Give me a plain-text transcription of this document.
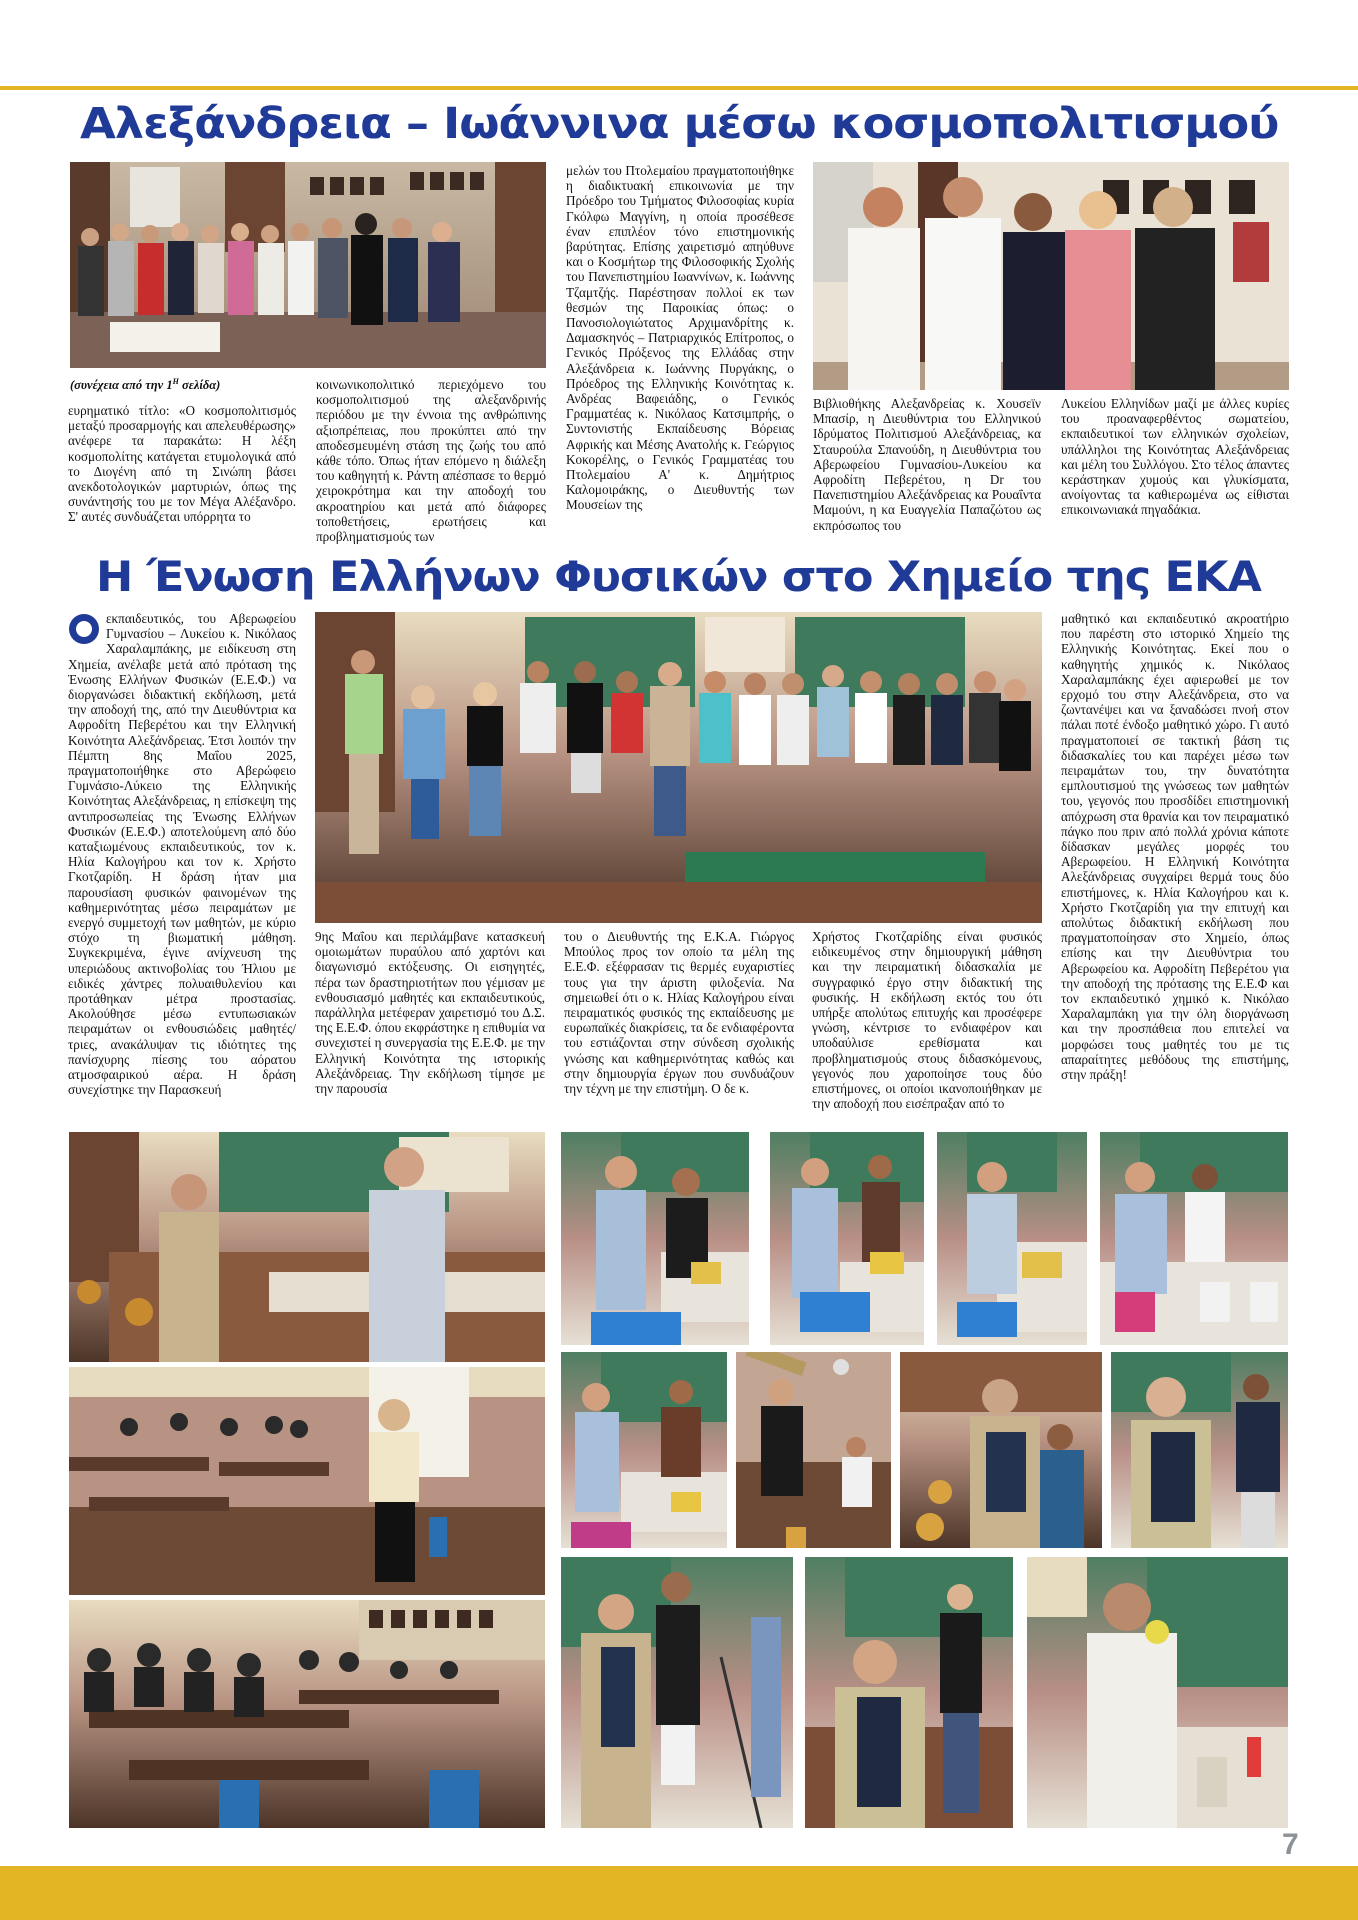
Αλεξάνδρεια – Ιωάννινα μέσω κοσμοπολιτισμού
(συνέχεια από την $1^H$ σελίδα)

ευρηματικό τίτλο: «Ο κοσμοπολιτισμός μεταξύ προσαρμογής και απελευθέρωσης» ανέφερε τα παρακάτω: Η λέξη κοσμοπολίτης κατάγεται ετυμολογικά από το Διογένη από τη Σινώπη βάσει ανεκδοτολογικών μαρτυριών, όπως της συνάντησής του με τον Μέγα Αλέξανδρο. Σ' αυτές συνδυάζεται υπόρρητα το

κοινωνικοπολιτικό περιεχόμενο του κοσμοπολιτισμού της αλεξανδρινής περιόδου με την έννοια της ανθρώπινης αξιοπρέπειας, που προκύπτει από την αποδεσμευμένη στάση της ζωής του από κάθε τόπο. Όπως ήταν επόμενο η διάλεξη του καθηγητή κ. Ράντη απέσπασε το θερμό χειροκρότημα και την αποδοχή του ακροατηρίου και μετά από διάφορες τοποθετήσεις, ερωτήσεις και προβληματισμούς των

μελών του Πτολεμαίου πραγματοποιήθηκε η διαδικτυακή επικοινωνία με την Πρόεδρο του Τμήματος Φιλοσοφίας κυρία Γκόλφω Μαγγίνη, η οποία προσέθεσε έναν επιπλέον τόνο επιστημονικής βαρύτητας. Επίσης χαιρετισμό απηύθυνε και ο Κοσμήτωρ της Φιλοσοφικής Σχολής του Πανεπιστημίου Ιωαννίνων, κ. Ιωάννης Τζαμτζής. Παρέστησαν πολλοί εκ των θεσμών της Παροικίας όπως: ο Πανοσιολογιώτατος Αρχιμανδρίτης κ. Δαμασκηνός – Πατριαρχικός Επίτροπος, ο Γενικός Πρόξενος της Ελλάδας στην Αλεξάνδρεια κ. Ιωάννης Πυργάκης, ο Πρόεδρος της Ελληνικής Κοινότητας κ. Ανδρέας Βαφειάδης, ο Γενικός Γραμματέας κ. Νικόλαος Κατσιμπρής, ο Συντονιστής Εκπαίδευσης Βόρειας Αφρικής και Μέσης Ανατολής κ. Γεώργιος Κοκορέλης, ο Γενικός Γραμματέας του Πτολεμαίου Α' κ. Δημήτριος Καλομοιράκης, ο Διευθυντής των Μουσείων της

Βιβλιοθήκης Αλεξανδρείας κ. Χουσεϊν Μπασίρ, η Διευθύντρια του Ελληνικού Ιδρύματος Πολιτισμού Αλεξάνδρειας, κα Σταυρούλα Σπανούδη, η Διευθύντρια του Αβερωφείου Γυμνασίου-Λυκείου κα Αφροδίτη Πεβερέτου, η Dr του Πανεπιστημίου Αλεξάνδρειας κα Ρουαΐντα Μαμούνι, η κα Ευαγγελία Παπαζώτου ως εκπρόσωπος του

Λυκείου Ελληνίδων μαζί με άλλες κυρίες του προαναφερθέντος σωματείου, εκπαιδευτικοί των ελληνικών σχολείων, υπάλληλοι της Κοινότητας Αλεξάνδρειας και μέλη του Συλλόγου. Στο τέλος άπαντες κεράστηκαν χυμούς και γλυκίσματα, ανοίγοντας τα καθιερωμένα ως είθισται επικοινωνιακά πηγαδάκια.

Η Ένωση Ελλήνων Φυσικών στο Χημείο της ΕΚΑ

εκπαιδευτικός, του Αβερωφείου Γυμνασίου – Λυκείου κ. Νικόλαος Χαραλαμπάκης, με ειδίκευση στη Χημεία, ανέλαβε μετά από πρόταση της Ένωσης Ελλήνων Φυσικών (Ε.Ε.Φ.) να διοργανώσει διδακτική εκδήλωση, μετά την αποδοχή της, από την Διευθύντρια κα Αφροδίτη Πεβερέτου και την Ελληνική Κοινότητα Αλεξάνδρειας. Έτσι λοιπόν την Πέμπτη 8ης Μαΐου 2025, πραγματοποιήθηκε στο Αβερώφειο Γυμνάσιο-Λύκειο της Ελληνικής Κοινότητας Αλεξάνδρειας, η επίσκεψη της αντιπροσωπείας της Ένωσης Ελλήνων Φυσικών (Ε.Ε.Φ.) αποτελούμενη από δύο καταξιωμένους εκπαιδευτικούς, τον κ. Ηλία Καλογήρου και τον κ. Χρήστο Γκοτζαρίδη. Η δράση ήταν μια παρουσίαση φυσικών φαινομένων της καθημερινότητας μέσω πειραμάτων με ενεργό συμμετοχή των μαθητών, με κύριο στόχο τη βιωματική μάθηση. Συγκεκριμένα, έγινε ανίχνευση της υπεριώδους ακτινοβολίας του Ήλιου με ειδικές χάντρες πολυαιθυλενίου και προτάθηκαν μέτρα προστασίας. Ακολούθησε μέσω εντυπωσιακών πειραμάτων οι ενθουσιώδεις μαθητές/τριες, ανακάλυψαν τις ιδιότητες της πανίσχυρης πίεσης του αόρατου ατμοσφαιρικού αέρα. Η δράση συνεχίστηκε την Παρασκευή

9ης Μαΐου και περιλάμβανε κατασκευή ομοιωμάτων πυραύλου από χαρτόνι και διαγωνισμό εκτόξευσης. Οι εισηγητές, πέρα των δραστηριοτήτων που γέμισαν με ενθουσιασμό μαθητές και εκπαιδευτικούς, παράλληλα μετέφεραν χαιρετισμό του Δ.Σ. της Ε.Ε.Φ. όπου εκφράστηκε η επιθυμία να συνεχιστεί η συνεργασία της Ε.Ε.Φ. με την Ελληνική Κοινότητα της ιστορικής Αλεξάνδρειας. Την εκδήλωση τίμησε με την παρουσία

του ο Διευθυντής της Ε.Κ.Α. Γιώργος Μπούλος προς τον οποίο τα μέλη της Ε.Ε.Φ. εξέφρασαν τις θερμές ευχαριστίες τους για την άριστη φιλοξενία. Να σημειωθεί ότι ο κ. Ηλίας Καλογήρου είναι πειραματικός φυσικός της εκπαίδευσης με ευρωπαϊκές διακρίσεις, τα δε ενδιαφέροντα του εστιάζονται στην σύνδεση σχολικής γνώσης και καθημερινότητας καθώς και στην δημιουργία έργων που συνδυάζουν την τέχνη με την επιστήμη. Ο δε κ.

Χρήστος Γκοτζαρίδης είναι φυσικός ειδικευμένος στην δημιουργική μάθηση και την πειραματική διδασκαλία με συγγραφικό έργο στην διδακτική της φυσικής. Η εκδήλωση εκτός του ότι υπήρξε απολύτως επιτυχής και προσέφερε γνώση, κέντρισε το ενδιαφέρον και υποδαύλισε ερεθίσματα και προβληματισμούς στους διδασκόμενους, γεγονός που χαροποίησε τους δύο επιστήμονες, οι οποίοι ικανοποιήθηκαν με την αποδοχή που εισέπραξαν από το

μαθητικό και εκπαιδευτικό ακροατήριο που παρέστη στο ιστορικό Χημείο της Ελληνικής Κοινότητας. Εκεί που ο καθηγητής χημικός κ. Νικόλαος Χαραλαμπάκης έχει αφιερωθεί με τον ερχομό του στην Αλεξάνδρεια, στο να ζωντανέψει και να ξαναδώσει πνοή στον πάλαι ποτέ ένδοξο μαθητικό χώρο. Γι αυτό πραγματοποιεί σε τακτική βάση τις διδασκαλίες του και παρέχει μέσω των πειραμάτων του, την δυνατότητα εμπλουτισμού της γνώσεως των μαθητών του, γεγονός που προσδίδει επιστημονική απόχρωση στα θρανία και τον πειραματικό πάγκο που πριν από πολλά χρόνια κάποτε δίδασκαν μεγάλες μορφές του Αβερωφείου. Η Ελληνική Κοινότητα Αλεξάνδρειας συγχαίρει θερμά τους δύο επιστήμονες, κ. Ηλία Καλογήρου και κ. Χρήστο Γκοτζαρίδη για την επιτυχή και απολύτως διδακτική εκδήλωση που πραγματοποίησαν στο Χημείο, όπως επίσης και την Διευθύντρια του Αβερωφείου κα. Αφροδίτη Πεβερέτου για την αποδοχή της πρότασης της Ε.Ε.Φ και τον εκπαιδευτικό χημικό κ. Νικόλαο Χαραλαμπάκη για την όλη διοργάνωση και την προσπάθεια που επιτελεί να μορφώσει τους μαθητές του με τις απαραίτητες μεθόδους της επιστήμης, στην πράξη!

7
